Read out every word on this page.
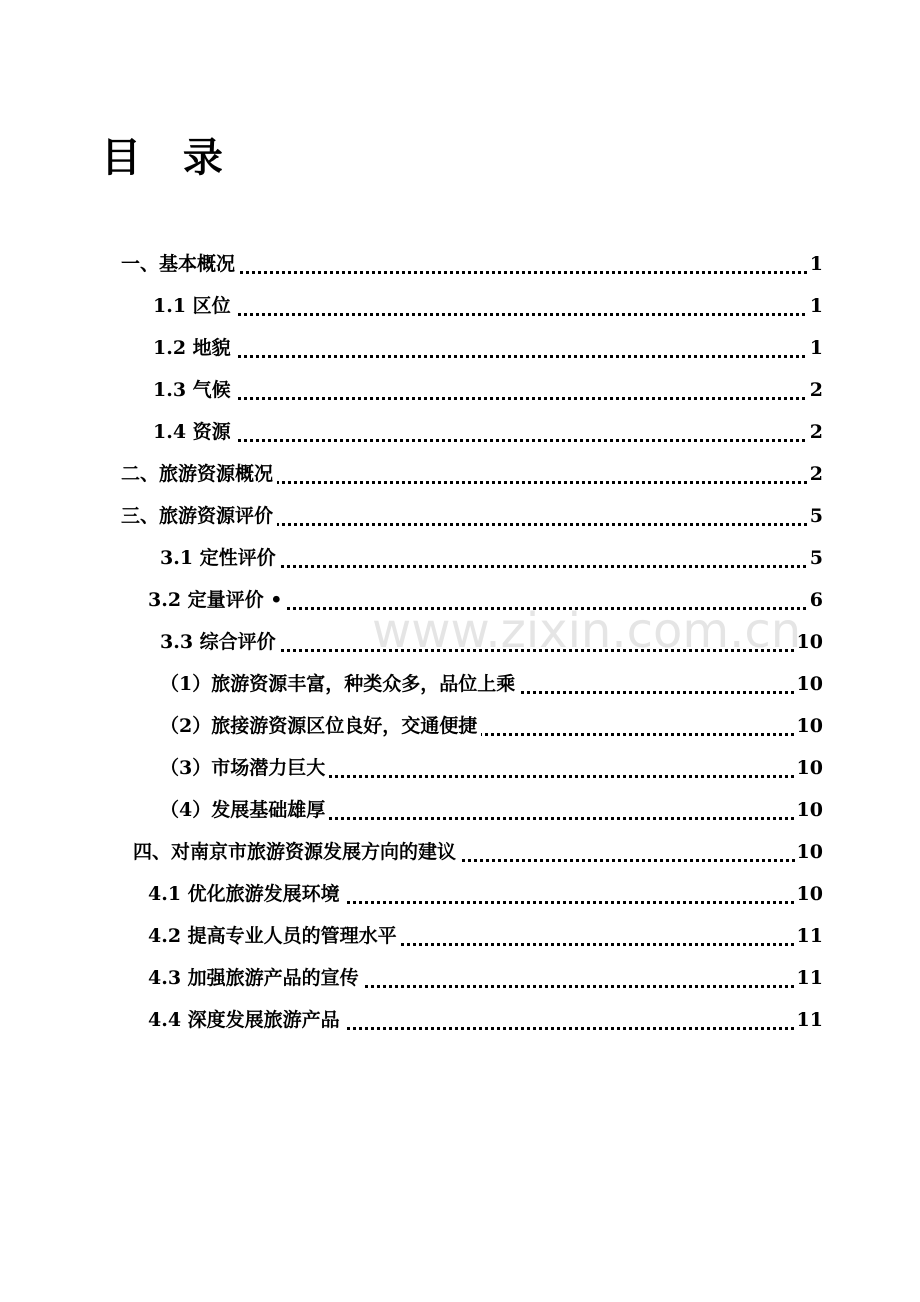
目 录
一、基本概况	1
1.1 区位	1
1.2 地貌	1
1.3 气候	2
1.4 资源	2
二、旅游资源概况	2
三、旅游资源评价	5
3.1 定性评价	5
3.2 定量评价 •	6
3.3 综合评价	10
（1）旅游资源丰富，种类众多，品位上乘	10
（2）旅接游资源区位良好，交通便捷	10
（3）市场潜力巨大	10
（4）发展基础雄厚	10
四、对南京市旅游资源发展方向的建议	10
4.1 优化旅游发展环境	10
4.2 提高专业人员的管理水平	11
4.3 加强旅游产品的宣传	11
4.4 深度发展旅游产品	11
www.zixin.com.cn
